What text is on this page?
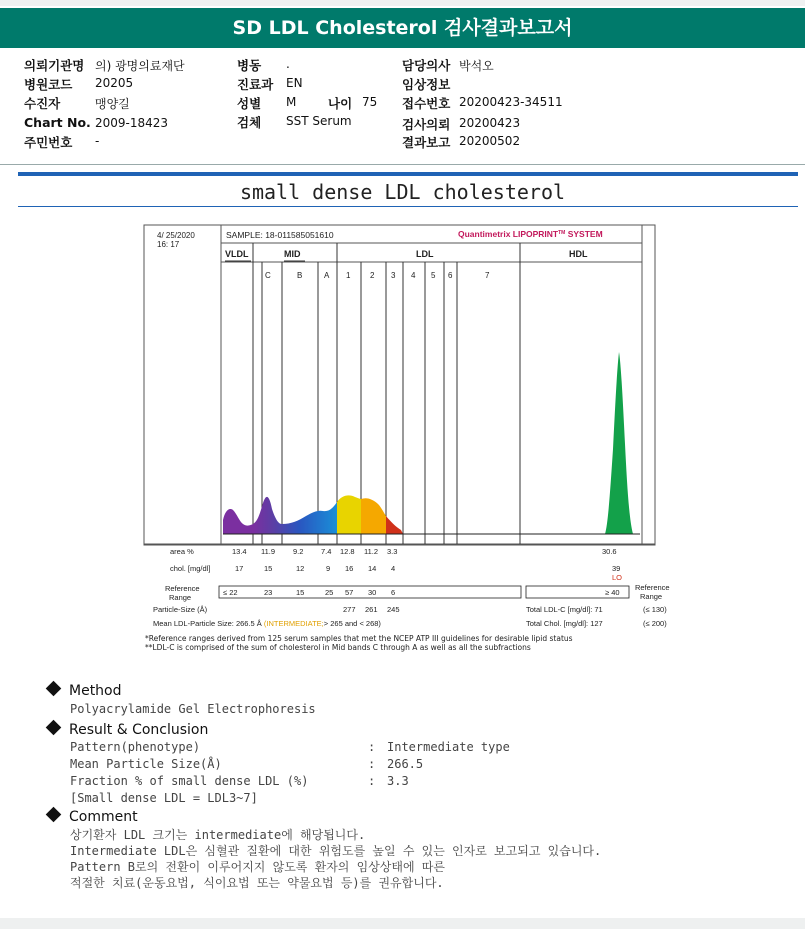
SD LDL Cholesterol 검사결과보고서
의뢰기관명 의) 광명의료재단
병원코드 20205
수진자	맹양길
Chart No. 2009-18423
주민번호 -
병동 .
진료과 EN
성별 M	나이 75
검체 SST Serum
담당의사 박석오
임상정보
접수번호 20200423-34511
검사의뢰 20200423
결과보고 20200502
small dense LDL cholesterol
4/ 25/2020
16: 17
SAMPLE: 18-011585051610	Quantimetrix LIPOPRINT™ SYSTEM
VLDL	MID	LDL	HDL
C	B	A 1 2 3 4 5 6	7
area %	13.4 11.9 9.2 7.4 12.8 11.2 3.3	30.6
chol. [mg/dl]	17	15	12	9 16 14 4	39
LO
Reference
Range
≤ 22	23	15	25 57 30 6	≥ 40
Reference
Range
Particle-Size (Å)	277 261 245	Total LDL-C [mg/dl]: 71	(≤ 130)
Mean LDL-Particle Size: 266.5 Å (INTERMEDIATE;> 265 and < 268)	Total Chol. [mg/dl]: 127	(≤ 200)
*Reference ranges derived from 125 serum samples that met the NCEP ATP III guidelines for desirable lipid status
**LDL-C is comprised of the sum of cholesterol in Mid bands C through A as well as all the subfractions
Method
Polyacrylamide Gel Electrophoresis
Result & Conclusion
Pattern(phenotype)	: Intermediate type
Mean Particle Size(Å)	: 266.5
Fraction % of small dense LDL (%)	: 3.3
[Small dense LDL = LDL3~7]
Comment
상기환자 LDL 크기는 intermediate에 해당됩니다.
Intermediate LDL은 심혈관 질환에 대한 위험도를 높일 수 있는 인자로 보고되고 있습니다.
Pattern B로의 전환이 이루어지지 않도록 환자의 임상상태에 따른
적절한 치료(운동요법, 식이요법 또는 약물요법 등)를 권유합니다.
